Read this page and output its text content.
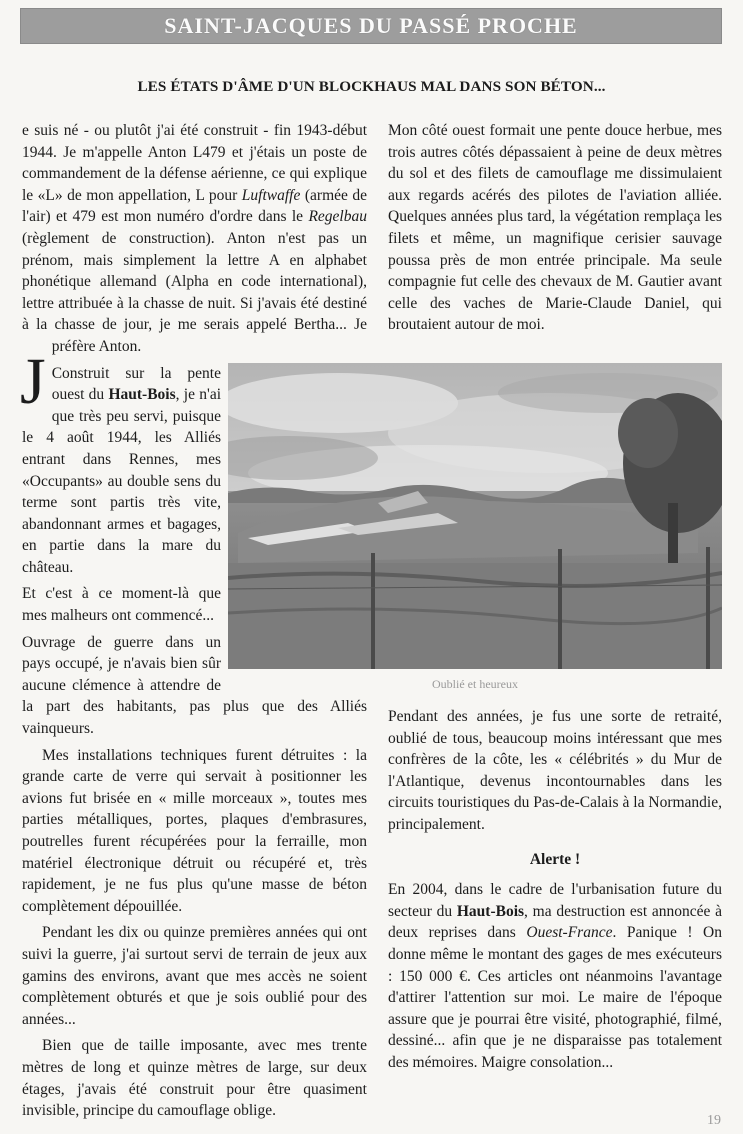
SAINT-JACQUES DU PASSÉ PROCHE
LES ÉTATS D'ÂME D'UN BLOCKHAUS MAL DANS SON BÉTON...

J
e suis né - ou plutôt j'ai été construit - fin 1943-début 1944. Je m'appelle Anton L479 et j'étais un poste de commandement de la défense aérienne, ce qui explique le «L» de mon appellation, L pour Luftwaffe (armée de l'air) et 479 est mon numéro d'ordre dans le Regelbau (règlement de construction). Anton n'est pas un prénom, mais simplement la lettre A en alphabet phonétique allemand (Alpha en code international), lettre attribuée à la chasse de nuit. Si j'avais été destiné à la chasse de jour, je me serais appelé Bertha... Je préfère Anton.

Construit sur la pente ouest du Haut-Bois, je n'ai que très peu servi, puisque le 4 août 1944, les Alliés entrant dans Rennes, mes «Occupants» au double sens du terme sont partis très vite, abandonnant armes et bagages, en partie dans la mare du château.

Et c'est à ce moment-là que mes malheurs ont commencé...

Ouvrage de guerre dans un pays occupé, je n'avais bien sûr aucune clémence à attendre de la part des habitants, pas plus que des Alliés vainqueurs.

Mes installations techniques furent détruites : la grande carte de verre qui servait à positionner les avions fut brisée en « mille morceaux », toutes mes parties métalliques, portes, plaques d'embrasures, poutrelles furent récupérées pour la ferraille, mon matériel électronique détruit ou récupéré et, très rapidement, je ne fus plus qu'une masse de béton complètement dépouillée.

Pendant les dix ou quinze premières années qui ont suivi la guerre, j'ai surtout servi de terrain de jeux aux gamins des environs, avant que mes accès ne soient complètement obturés et que je sois oublié pour des années...

Bien que de taille imposante, avec mes trente mètres de long et quinze mètres de large, sur deux étages, j'avais été construit pour être quasiment invisible, principe du camouflage oblige.

Mon côté ouest formait une pente douce herbue, mes trois autres côtés dépassaient à peine de deux mètres du sol et des filets de camouflage me dissimulaient aux regards acérés des pilotes de l'aviation alliée. Quelques années plus tard, la végétation remplaça les filets et même, un magnifique cerisier sauvage poussa près de mon entrée principale. Ma seule compagnie fut celle des chevaux de M. Gautier avant celle des vaches de Marie-Claude Daniel, qui broutaient autour de moi.

Oublié et heureux

Pendant des années, je fus une sorte de retraité, oublié de tous, beaucoup moins intéressant que mes confrères de la côte, les « célébrités » du Mur de l'Atlantique, devenus incontournables dans les circuits touristiques du Pas-de-Calais à la Normandie, principalement.

Alerte !

En 2004, dans le cadre de l'urbanisation future du secteur du Haut-Bois, ma destruction est annoncée à deux reprises dans Ouest-France. Panique ! On donne même le montant des gages de mes exécuteurs : 150 000 €. Ces articles ont néanmoins l'avantage d'attirer l'attention sur moi. Le maire de l'époque assure que je pourrai être visité, photographié, filmé, dessiné... afin que je ne disparaisse pas totalement des mémoires. Maigre consolation...

19
